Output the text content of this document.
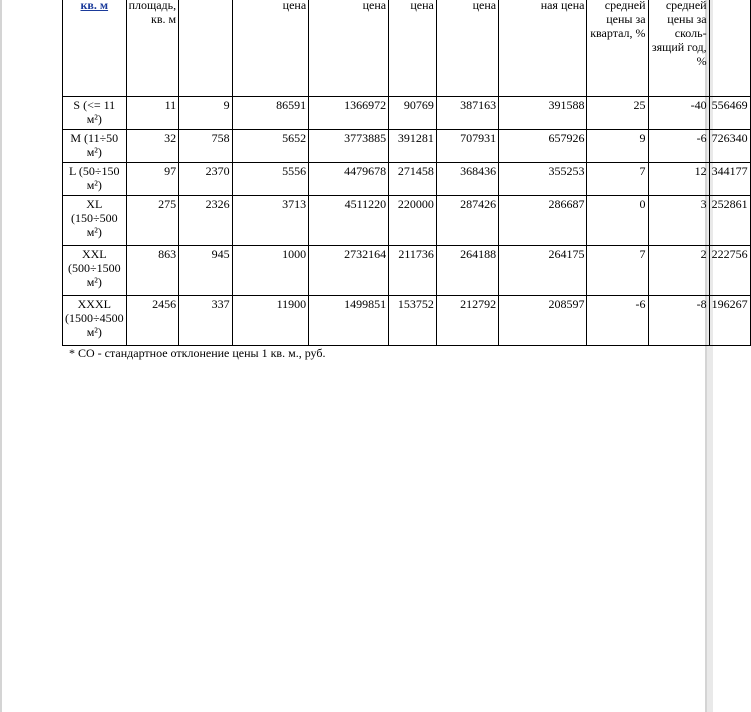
кв. м	площадь, кв. м		цена	цена	цена	цена	ная цена	средней цены за квартал, %	средней цены за сколь-зящий год, %	
S (<= 11 м²)	11	9	86591	1366972	90769	387163	391588	25	-40	556469
M (11÷50 м²)	32	758	5652	3773885	391281	707931	657926	9	-6	726340
L (50÷150 м²)	97	2370	5556	4479678	271458	368436	355253	7	12	344177
XL (150÷500 м²)	275	2326	3713	4511220	220000	287426	286687	0	3	252861
XXL (500÷1500 м²)	863	945	1000	2732164	211736	264188	264175	7	2	222756
XXXL (1500÷4500 м²)	2456	337	11900	1499851	153752	212792	208597	-6	-8	196267
* СО - стандартное отклонение цены 1 кв. м., руб.
